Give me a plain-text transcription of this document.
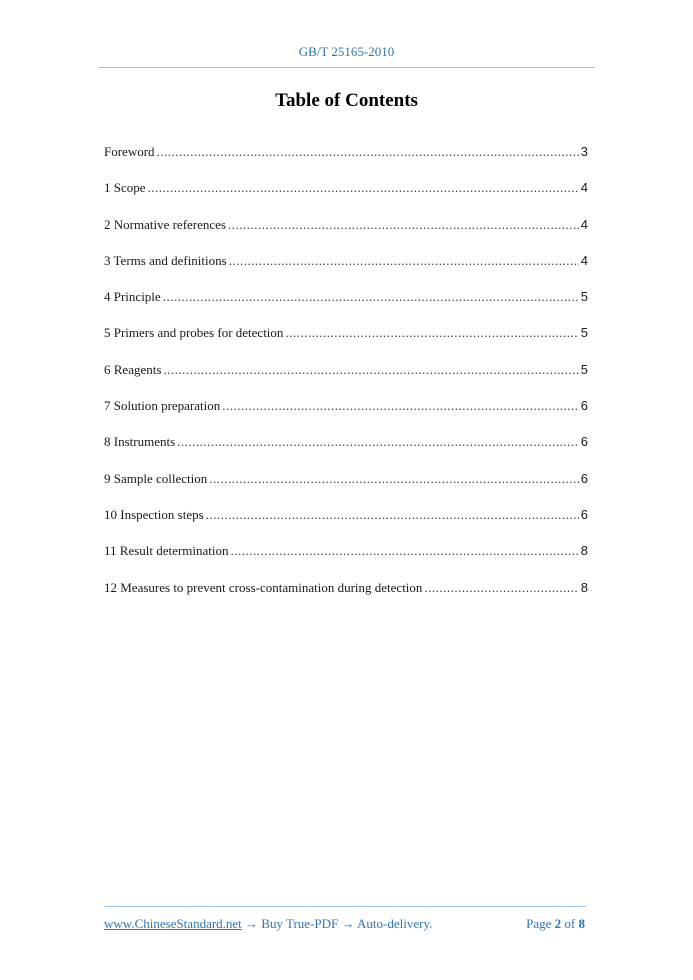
GB/T 25165-2010
Table of Contents
Foreword .....	3
1 Scope .....	4
2 Normative references .....	4
3 Terms and definitions .....	4
4 Principle .....	5
5 Primers and probes for detection .....	5
6 Reagents .....	5
7 Solution preparation .....	6
8 Instruments .....	6
9 Sample collection .....	6
10 Inspection steps .....	6
11 Result determination .....	8
12 Measures to prevent cross-contamination during detection .....	8
www.ChineseStandard.net → Buy True-PDF → Auto-delivery.	Page 2 of 8
